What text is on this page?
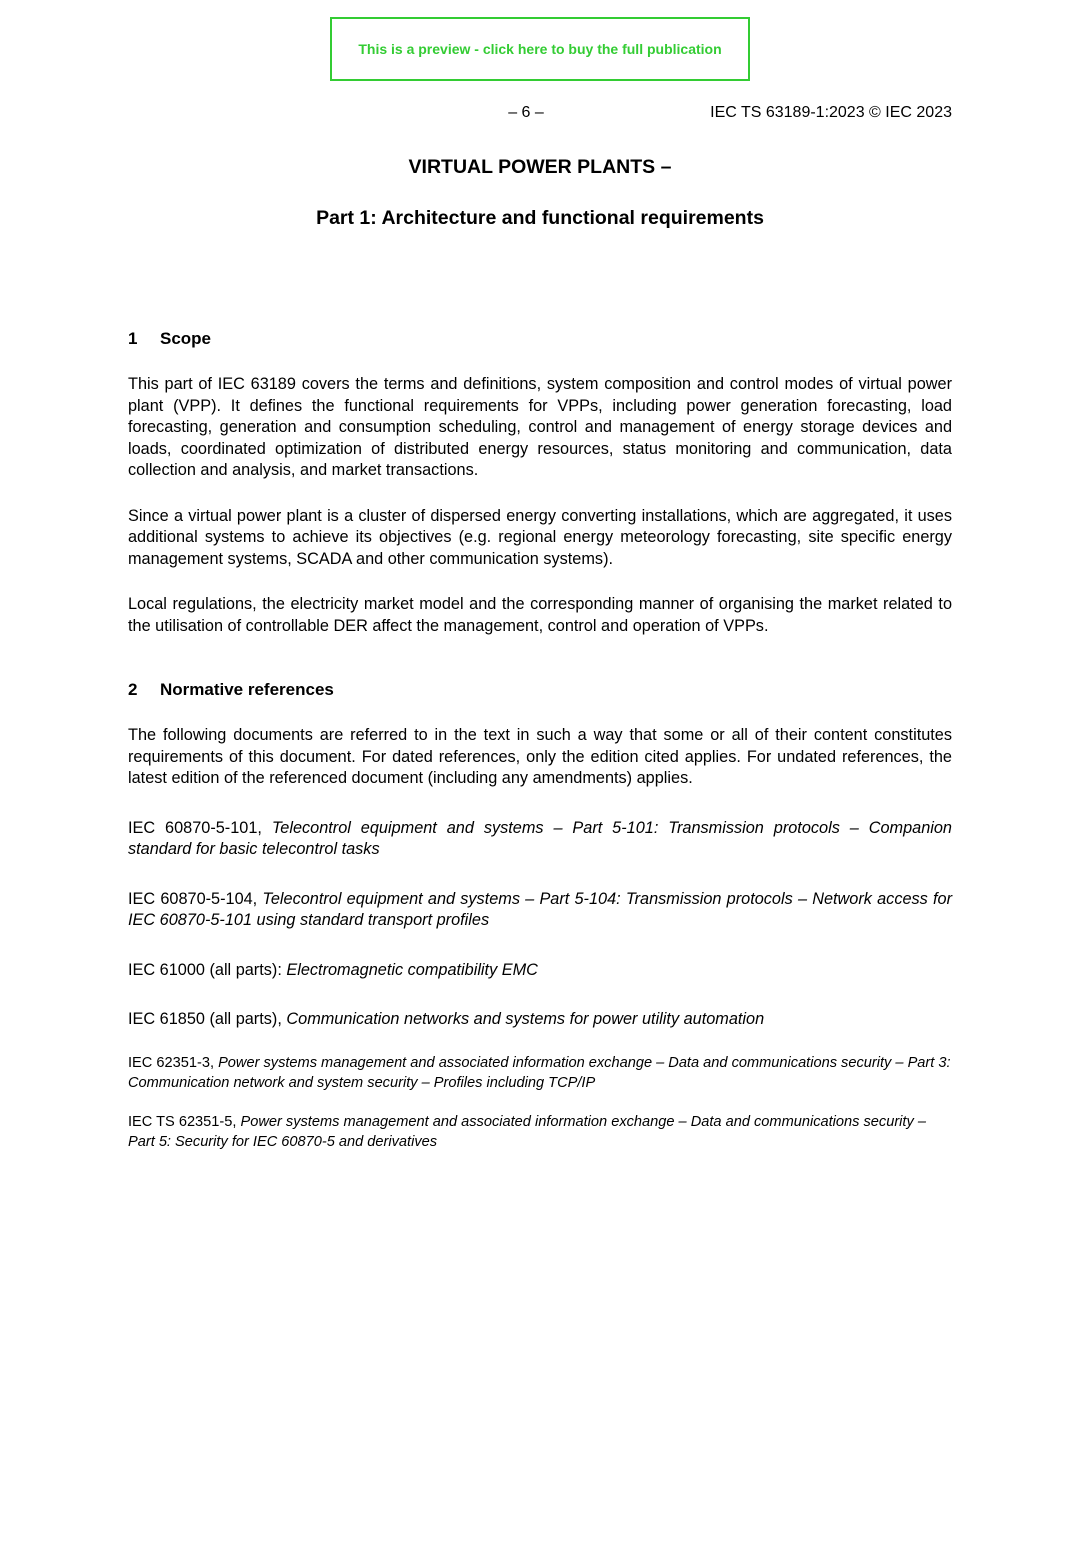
This is a preview - click here to buy the full publication
– 6 –	IEC TS 63189-1:2023 © IEC 2023
VIRTUAL POWER PLANTS –
Part 1: Architecture and functional requirements
1 Scope

This part of IEC 63189 covers the terms and definitions, system composition and control modes of virtual power plant (VPP). It defines the functional requirements for VPPs, including power generation forecasting, load forecasting, generation and consumption scheduling, control and management of energy storage devices and loads, coordinated optimization of distributed energy resources, status monitoring and communication, data collection and analysis, and market transactions.

Since a virtual power plant is a cluster of dispersed energy converting installations, which are aggregated, it uses additional systems to achieve its objectives (e.g. regional energy meteorology forecasting, site specific energy management systems, SCADA and other communication systems).

Local regulations, the electricity market model and the corresponding manner of organising the market related to the utilisation of controllable DER affect the management, control and operation of VPPs.

2 Normative references

The following documents are referred to in the text in such a way that some or all of their content constitutes requirements of this document. For dated references, only the edition cited applies. For undated references, the latest edition of the referenced document (including any amendments) applies.

IEC 60870-5-101, Telecontrol equipment and systems – Part 5-101: Transmission protocols – Companion standard for basic telecontrol tasks

IEC 60870-5-104, Telecontrol equipment and systems – Part 5-104: Transmission protocols – Network access for IEC 60870-5-101 using standard transport profiles

IEC 61000 (all parts): Electromagnetic compatibility EMC

IEC 61850 (all parts), Communication networks and systems for power utility automation

IEC 62351-3, Power systems management and associated information exchange – Data and communications security – Part 3: Communication network and system security – Profiles including TCP/IP

IEC TS 62351-5, Power systems management and associated information exchange – Data and communications security – Part 5: Security for IEC 60870-5 and derivatives
